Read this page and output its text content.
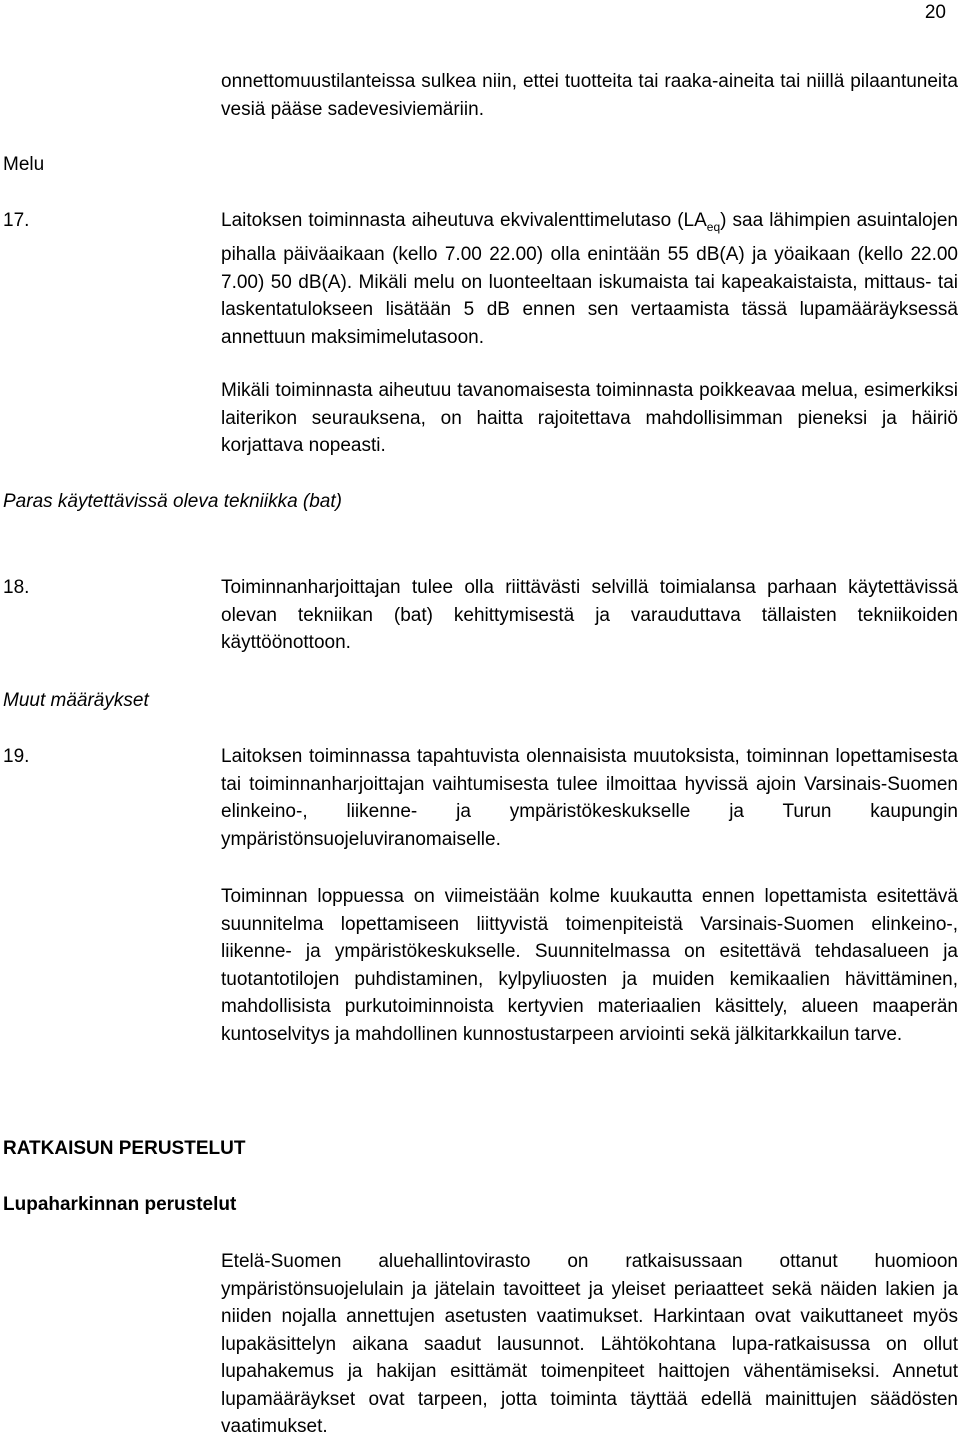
20
onnettomuustilanteissa sulkea niin, ettei tuotteita tai raaka-aineita tai niillä pilaantuneita vesiä pääse sadevesiviemäriin.
Melu
17.	Laitoksen toiminnasta aiheutuva ekvivalenttimelutaso $(LA_{eq})$ saa lähimpien asuintalojen pihalla päiväaikaan (kello 7.00 22.00) olla enintään 55 dB(A) ja yöaikaan (kello 22.00 7.00) 50 dB(A). Mikäli melu on luonteeltaan iskumaista tai kapeakaistaista, mittaus- tai laskentatulokseen lisätään 5 dB ennen sen vertaamista tässä lupamääräyksessä annettuun maksimimelutasoon.
Mikäli toiminnasta aiheutuu tavanomaisesta toiminnasta poikkeavaa melua, esimerkiksi laiterikon seurauksena, on haitta rajoitettava mahdollisimman pieneksi ja häiriö korjattava nopeasti.
Paras käytettävissä oleva tekniikka (bat)
18.	Toiminnanharjoittajan tulee olla riittävästi selvillä toimialansa parhaan käytettävissä olevan tekniikan (bat) kehittymisestä ja varauduttava tällaisten tekniikoiden käyttöönottoon.
Muut määräykset
19.	Laitoksen toiminnassa tapahtuvista olennaisista muutoksista, toiminnan lopettamisesta tai toiminnanharjoittajan vaihtumisesta tulee ilmoittaa hyvissä ajoin Varsinais-Suomen elinkeino-, liikenne- ja ympäristökeskukselle ja Turun kaupungin ympäristönsuojeluviranomaiselle.
Toiminnan loppuessa on viimeistään kolme kuukautta ennen lopettamista esitettävä suunnitelma lopettamiseen liittyvistä toimenpiteistä Varsinais-Suomen elinkeino-, liikenne- ja ympäristökeskukselle. Suunnitelmassa on esitettävä tehdasalueen ja tuotantotilojen puhdistaminen, kylpyliuosten ja muiden kemikaalien hävittäminen, mahdollisista purkutoiminnoista kertyvien materiaalien käsittely, alueen maaperän kuntoselvitys ja mahdollinen kunnostustarpeen arviointi sekä jälkitarkkailun tarve.
RATKAISUN PERUSTELUT
Lupaharkinnan perustelut
Etelä-Suomen aluehallintovirasto on ratkaisussaan ottanut huomioon ympäristönsuojelulain ja jätelain tavoitteet ja yleiset periaatteet sekä näiden lakien ja niiden nojalla annettujen asetusten vaatimukset. Harkintaan ovat vaikuttaneet myös lupakäsittelyn aikana saadut lausunnot. Lähtökohtana lupa-ratkaisussa on ollut lupahakemus ja hakijan esittämät toimenpiteet haittojen vähentämiseksi. Annetut lupamääräykset ovat tarpeen, jotta toiminta täyttää edellä mainittujen säädösten vaatimukset.
